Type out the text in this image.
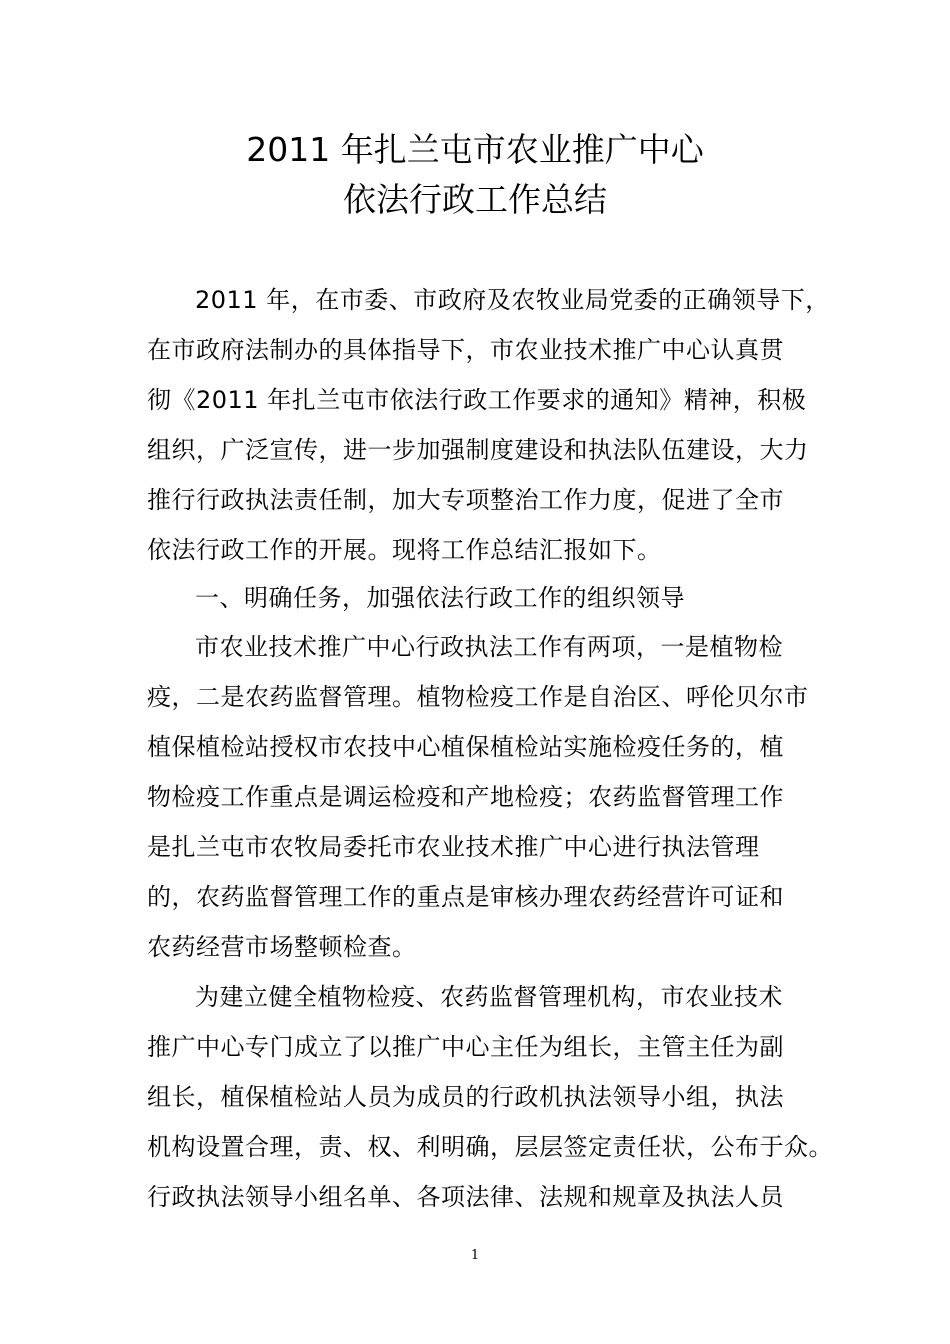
2011 年扎兰屯市农业推广中心
依法行政工作总结
2011 年，在市委、市政府及农牧业局党委的正确领导下，
在市政府法制办的具体指导下，市农业技术推广中心认真贯
彻《2011 年扎兰屯市依法行政工作要求的通知》精神，积极
组织，广泛宣传，进一步加强制度建设和执法队伍建设，大力
推行行政执法责任制，加大专项整治工作力度，促进了全市
依法行政工作的开展。现将工作总结汇报如下。
一、明确任务，加强依法行政工作的组织领导
市农业技术推广中心行政执法工作有两项，一是植物检
疫，二是农药监督管理。植物检疫工作是自治区、呼伦贝尔市
植保植检站授权市农技中心植保植检站实施检疫任务的，植
物检疫工作重点是调运检疫和产地检疫；农药监督管理工作
是扎兰屯市农牧局委托市农业技术推广中心进行执法管理
的，农药监督管理工作的重点是审核办理农药经营许可证和
农药经营市场整顿检查。
为建立健全植物检疫、农药监督管理机构，市农业技术
推广中心专门成立了以推广中心主任为组长，主管主任为副
组长，植保植检站人员为成员的行政机执法领导小组，执法
机构设置合理，责、权、利明确，层层签定责任状，公布于众。
行政执法领导小组名单、各项法律、法规和规章及执法人员
1
